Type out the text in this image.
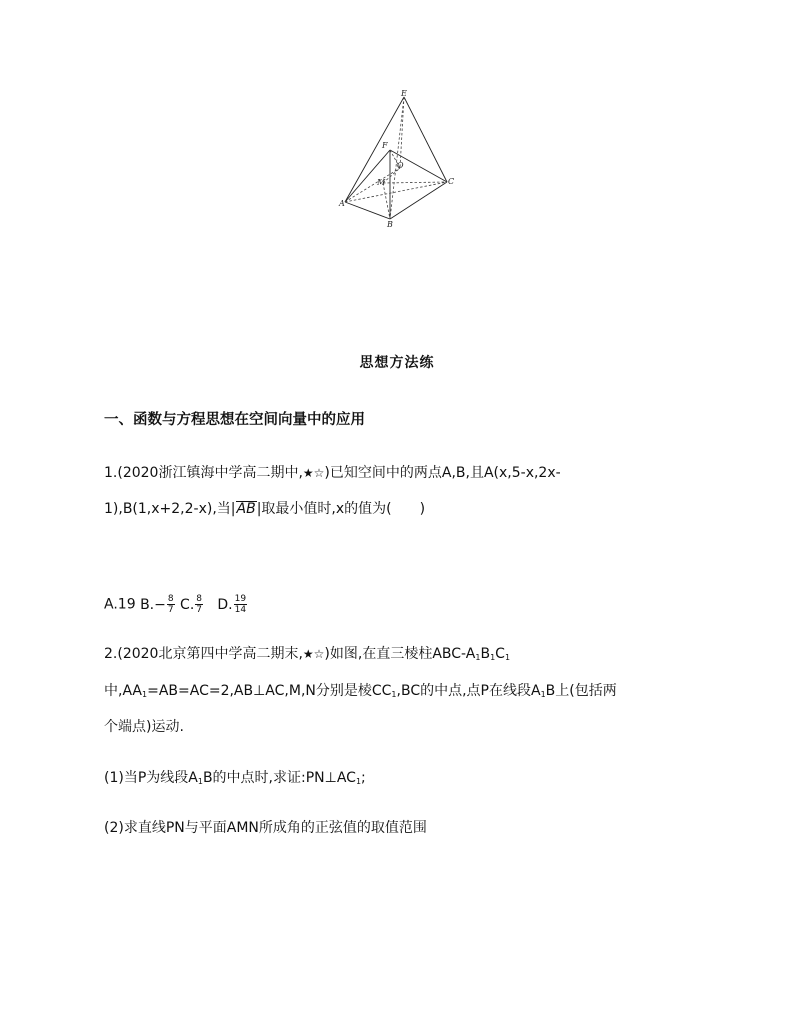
E
F
O
M	C
A
B
思想方法练
一、函数与方程思想在空间向量中的应用
1.(2020浙江镇海中学高二期中,★☆)已知空间中的两点A,B,且A(x,5-x,2x-
1),B(1,x+2,2-x),当|AB|取最小值时,x的值为( )
A.19 $B.- \frac{8}{7} C$. $\frac{8}{7} D$. $\frac{19}{14}$
2.(2020北京第四中学高二期末,★☆)如图,在直三棱柱ABC-$A_1B_1C_1$
中$,AA_1=AB=AC=2,AB\perp AC,M,N$分别是棱$CC_1,BC$的中点,点P在线段$A_1B$上(包括两
个端点)运动.
(1)当P为线段$A_1B$的中点时,求证$:PN\perp AC_1$;
(2)求直线PN与平面AMN所成角的正弦值的取值范围
